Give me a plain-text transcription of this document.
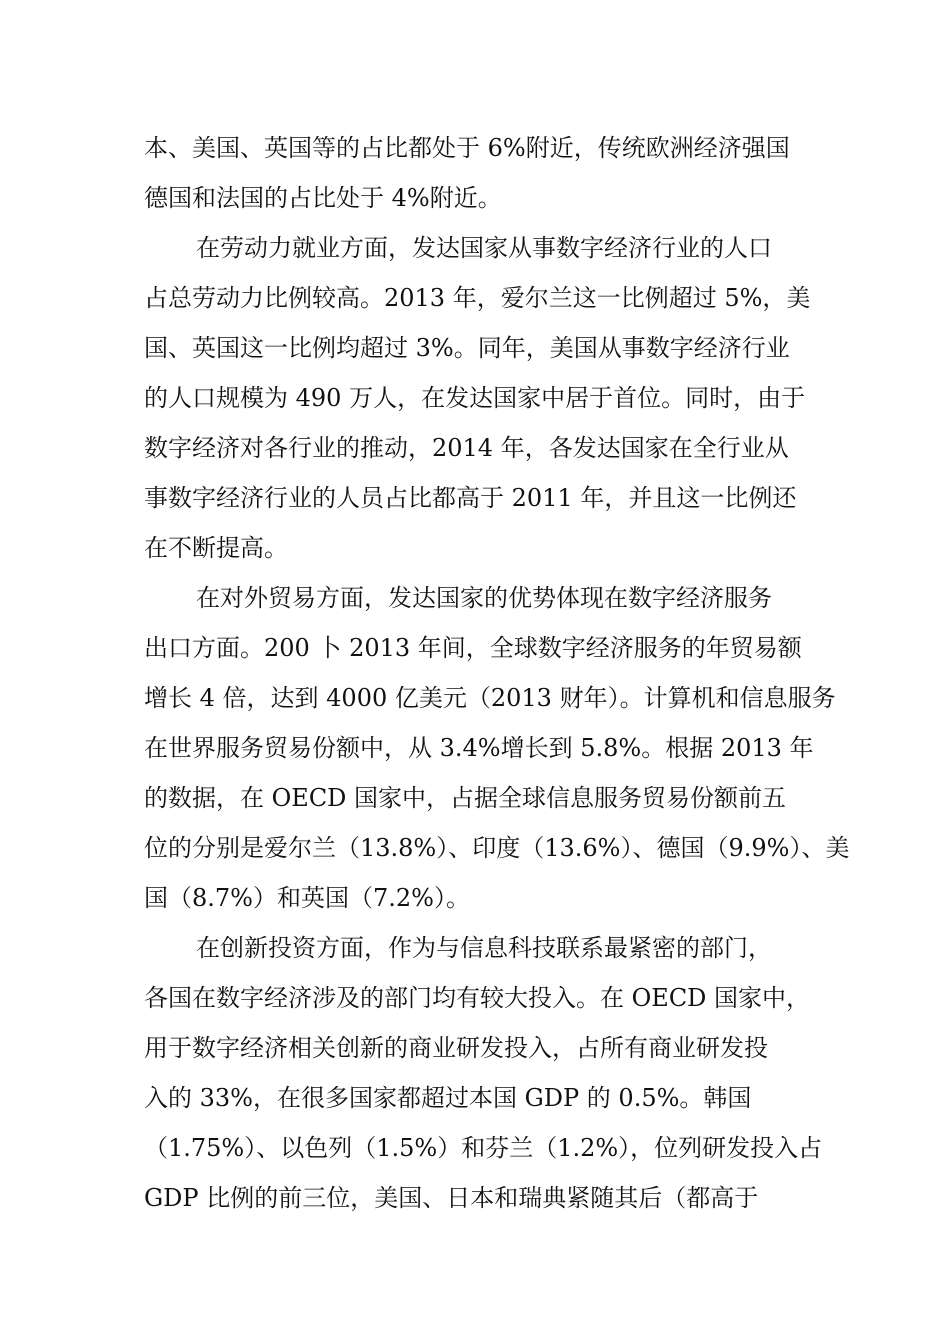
本、美国、英国等的占比都处于 6%附近，传统欧洲经济强国
德国和法国的占比处于 4%附近。
在劳动力就业方面，发达国家从事数字经济行业的人口
占总劳动力比例较高。2013 年，爱尔兰这一比例超过 5%，美
国、英国这一比例均超过 3%。同年，美国从事数字经济行业
的人口规模为 490 万人，在发达国家中居于首位。同时，由于
数字经济对各行业的推动，2014 年，各发达国家在全行业从
事数字经济行业的人员占比都高于 2011 年，并且这一比例还
在不断提高。
在对外贸易方面，发达国家的优势体现在数字经济服务
出口方面。200 卜 2013 年间，全球数字经济服务的年贸易额
增长 4 倍，达到 4000 亿美元（2013 财年）。计算机和信息服务
在世界服务贸易份额中，从 3.4%增长到 5.8%。根据 2013 年
的数据，在 OECD 国家中，占据全球信息服务贸易份额前五
位的分别是爱尔兰（13.8%）、印度（13.6%）、德国（9.9%）、美
国（8.7%）和英国（7.2%）。
在创新投资方面，作为与信息科技联系最紧密的部门，
各国在数字经济涉及的部门均有较大投入。在 OECD 国家中，
用于数字经济相关创新的商业研发投入，占所有商业研发投
入的 33%，在很多国家都超过本国 GDP 的 0.5%。韩国
（1.75%）、以色列（1.5%）和芬兰（1.2%），位列研发投入占
GDP 比例的前三位，美国、日本和瑞典紧随其后（都高于
